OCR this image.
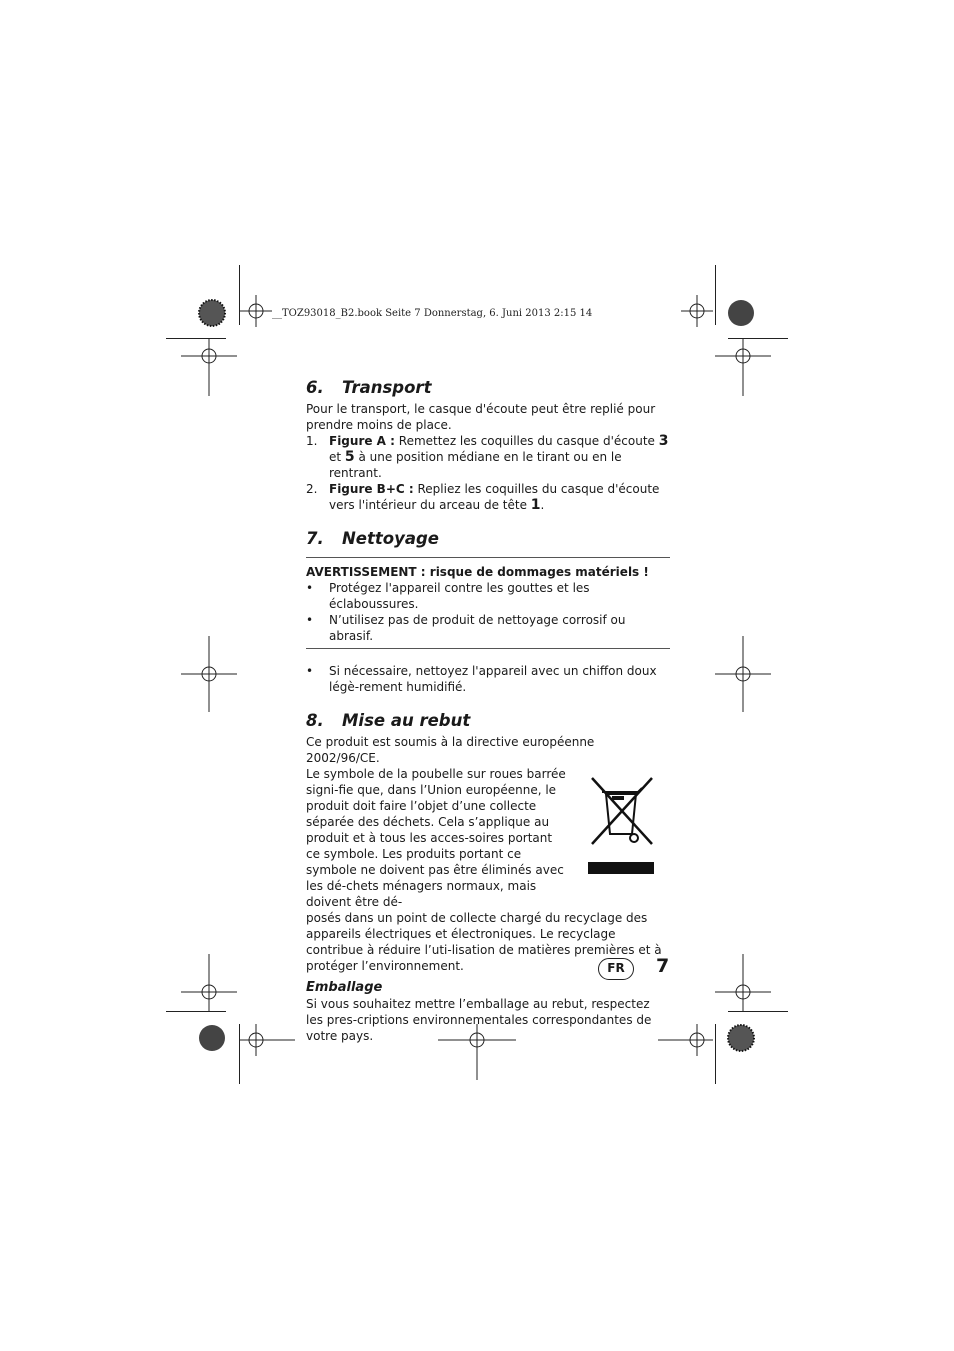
__TOZ93018_B2.book Seite 7 Donnerstag, 6. Juni 2013 2:15 14
6. Transport

Pour le transport, le casque d'écoute peut être replié pour prendre moins de place.

1. Figure A : Remettez les coquilles du casque d'écoute 3 et 5 à une position médiane en le tirant ou en le rentrant.
2. Figure B+C : Repliez les coquilles du casque d'écoute vers l'intérieur du arceau de tête 1.
7. Nettoyage
AVERTISSEMENT : risque de dommages matériels !
•	Protégez l'appareil contre les gouttes et les éclaboussures.
•	N’utilisez pas de produit de nettoyage corrosif ou abrasif.
•	Si nécessaire, nettoyez l'appareil avec un chiffon doux légè-rement humidifié.
8. Mise au rebut

Ce produit est soumis à la directive européenne 2002/96/CE.

Le symbole de la poubelle sur roues barrée signi-fie que, dans l’Union européenne, le produit doit faire l’objet d’une collecte séparée des déchets. Cela s’applique au produit et à tous les acces-soires portant ce symbole. Les produits portant ce symbole ne doivent pas être éliminés avec les dé-chets ménagers normaux, mais doivent être dé-

posés dans un point de collecte chargé du recyclage des appareils électriques et électroniques. Le recyclage contribue à réduire l’uti-lisation de matières premières et à protéger l’environnement.

Emballage

Si vous souhaitez mettre l’emballage au rebut, respectez les pres-criptions environnementales correspondantes de votre pays.

FR	7
